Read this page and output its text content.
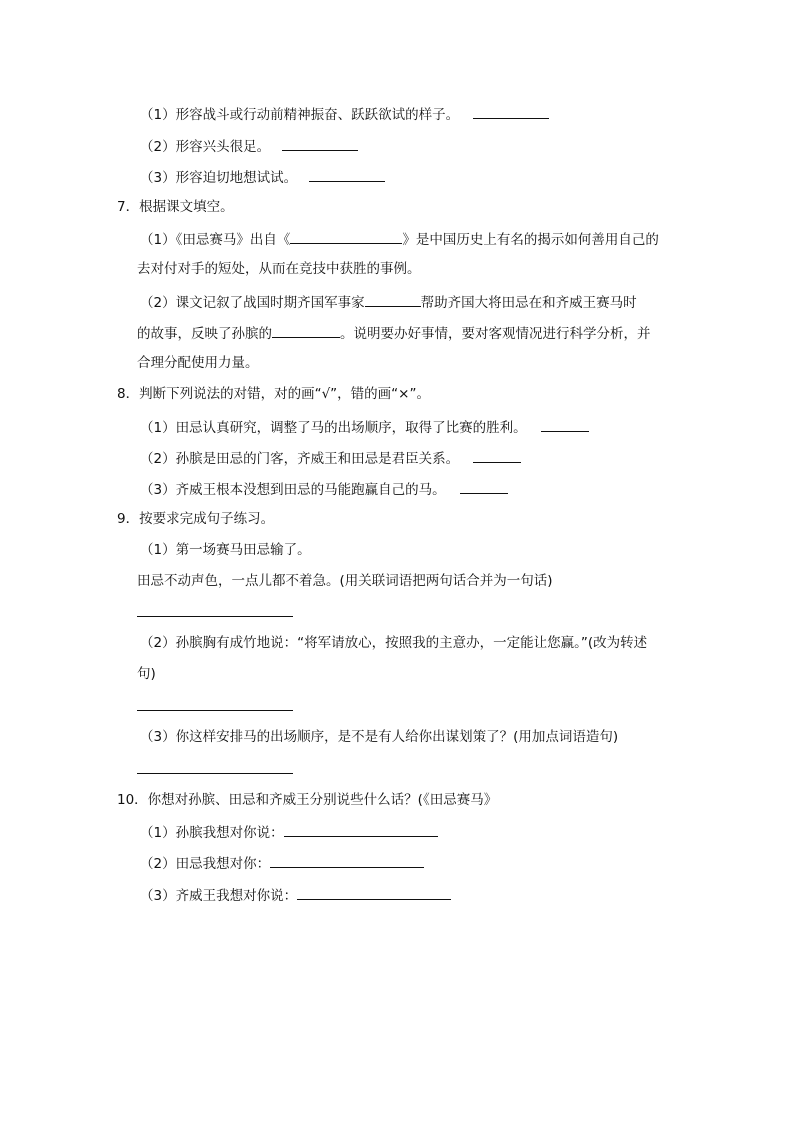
（1）形容战斗或行动前精神振奋、跃跃欲试的样子。
（2）形容兴头很足。
（3）形容迫切地想试试。
7．根据课文填空。
（1）《田忌赛马》出自《	》是中国历史上有名的揭示如何善用自己的
去对付对手的短处，从而在竞技中获胜的事例。
（2）课文记叙了战国时期齐国军事家	帮助齐国大将田忌在和齐威王赛马时
的故事，反映了孙膑的	。说明要办好事情，要对客观情况进行科学分析，并
合理分配使用力量。
8．判断下列说法的对错，对的画“√”，错的画“×”。
（1）田忌认真研究，调整了马的出场顺序，取得了比赛的胜利。
（2）孙膑是田忌的门客，齐威王和田忌是君臣关系。
（3）齐威王根本没想到田忌的马能跑赢自己的马。
9．按要求完成句子练习。
（1）第一场赛马田忌输了。
田忌不动声色，一点儿都不着急。(用关联词语把两句话合并为一句话)
（2）孙膑胸有成竹地说：“将军请放心，按照我的主意办，一定能让您赢。”(改为转述
句)
（3）你这样安排马的出场顺序，是不是有人给你出谋划策了？(用加点词语造句)
10．你想对孙膑、田忌和齐威王分别说些什么话？(《田忌赛马》
（1）孙膑我想对你说：
（2）田忌我想对你：
（3）齐威王我想对你说：
